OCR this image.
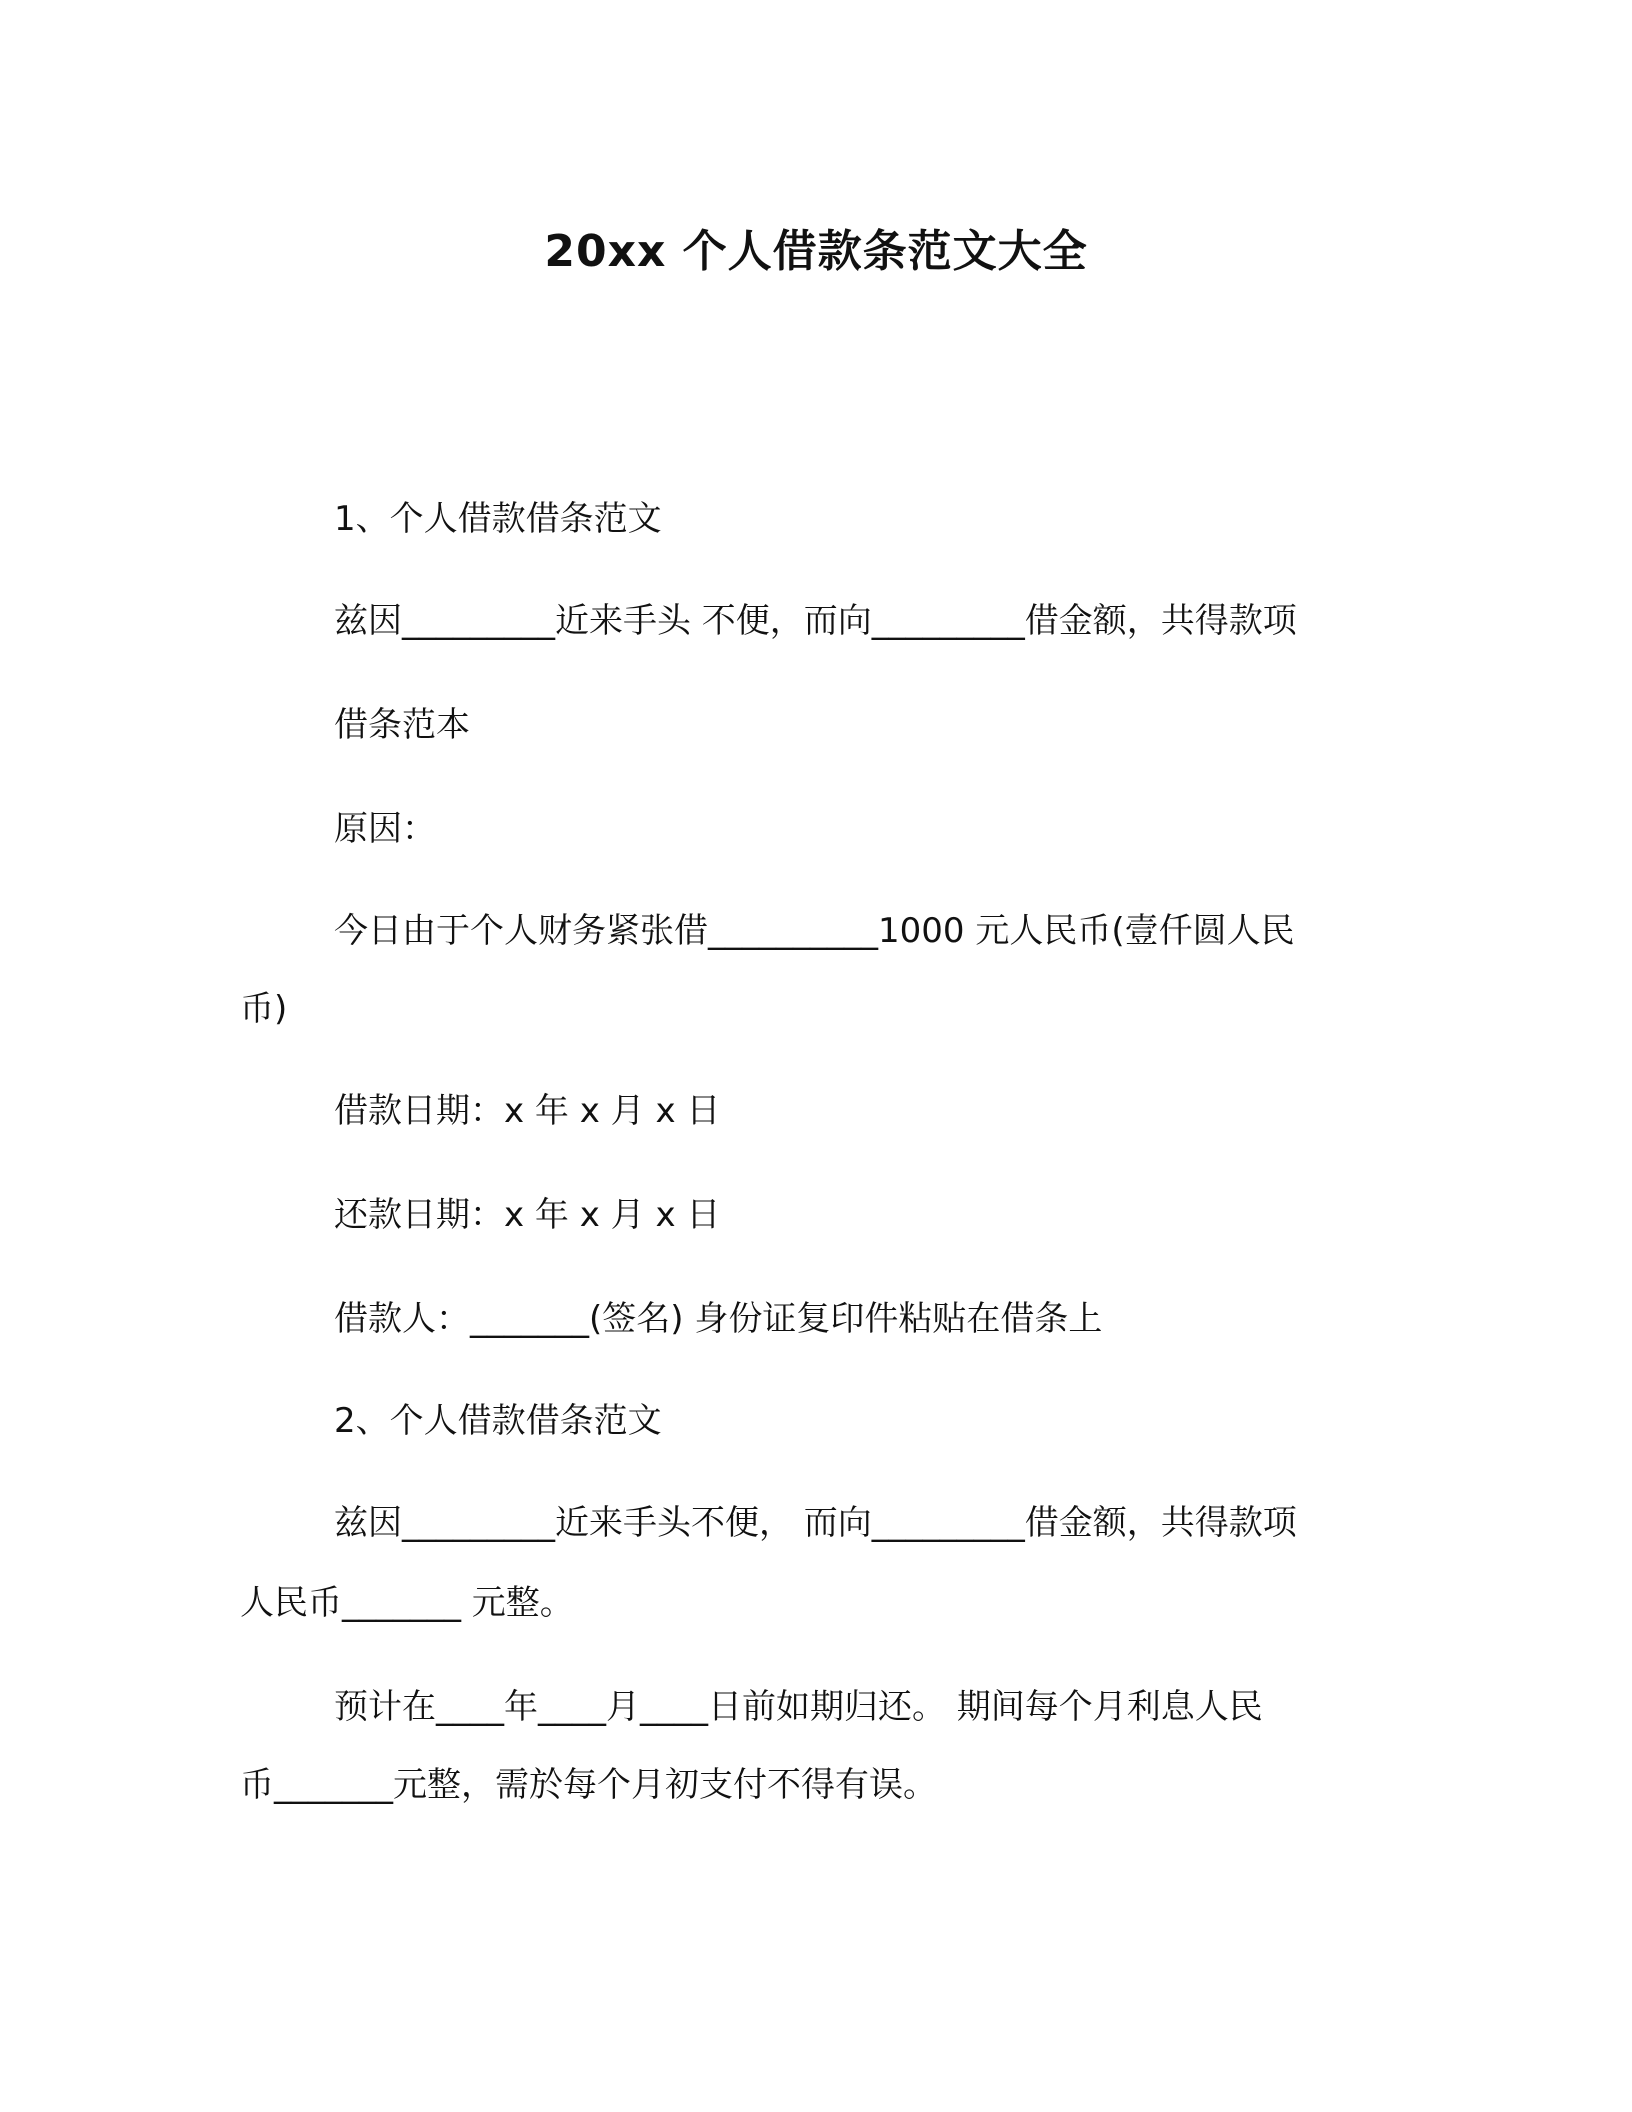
20xx 个人借款条范文大全
1、个人借款借条范文
兹因_________近来手头 不便，而向_________借金额，共得款项
借条范本
原因：
今日由于个人财务紧张借__________1000 元人民币(壹仟圆人民
币)
借款日期：x 年 x 月 x 日
还款日期：x 年 x 月 x 日
借款人：_______(签名) 身份证复印件粘贴在借条上
2、个人借款借条范文
兹因_________近来手头不便， 而向_________借金额，共得款项
人民币_______ 元整。
预计在____年____月____日前如期归还。 期间每个月利息人民
币_______元整，需於每个月初支付不得有误。
